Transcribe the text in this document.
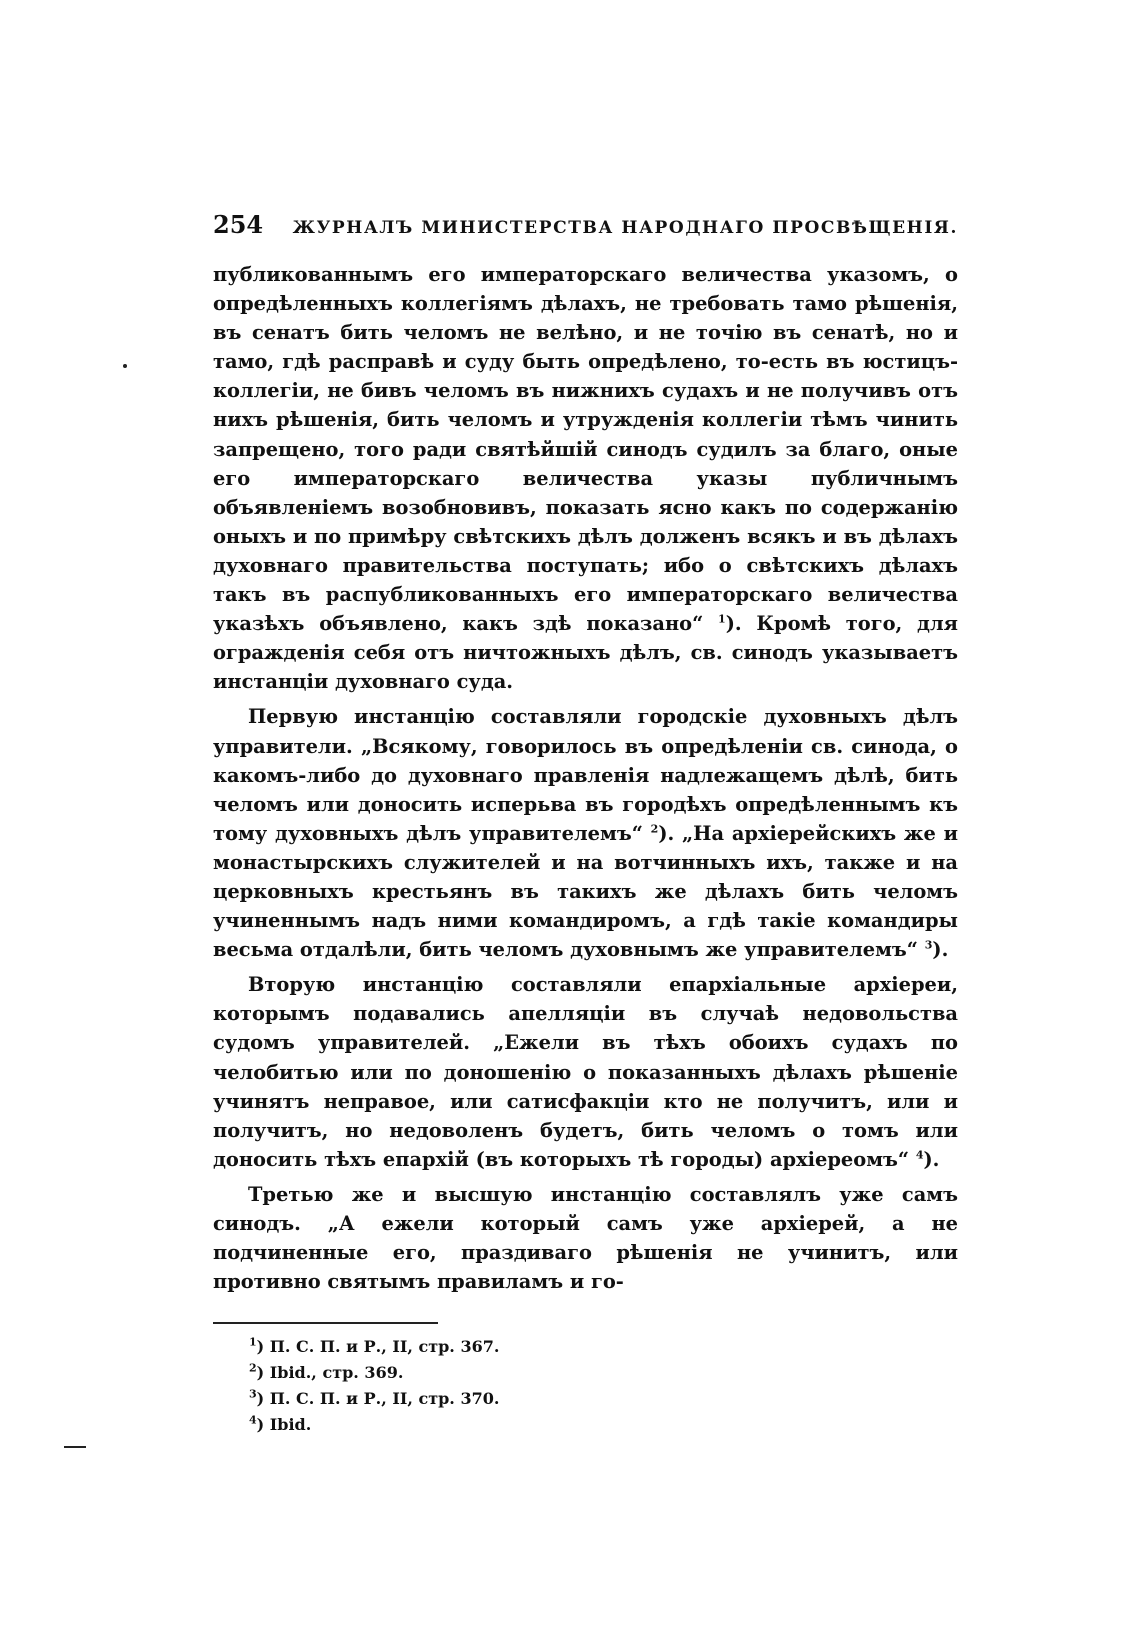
254	ЖУРНАЛЪ МИНИСТЕРСТВА НАРОДНАГО ПРОСВѢЩЕНІЯ.

публикованнымъ его императорскаго величества указомъ, о опредѣленныхъ коллегіямъ дѣлахъ, не требовать тамо рѣшенія, въ сенатъ бить челомъ не велѣно, и не точію въ сенатѣ, но и тамо, гдѣ расправѣ и суду быть опредѣлено, то-есть въ юстицъ-коллегіи, не бивъ челомъ въ нижнихъ судахъ и не получивъ отъ нихъ рѣшенія, бить челомъ и утружденія коллегіи тѣмъ чинить запрещено, того ради святѣйшій синодъ судилъ за благо, оные его императорскаго величества указы публичнымъ объявленіемъ возобновивъ, показать ясно какъ по содержанію оныхъ и по примѣру свѣтскихъ дѣлъ долженъ всякъ и въ дѣлахъ духовнаго правительства поступать; ибо о свѣтскихъ дѣлахъ такъ въ распубликованныхъ его императорскаго величества указѣхъ объявлено, какъ здѣ показано“ $^1$). Кромѣ того, для огражденія себя отъ ничтожныхъ дѣлъ, св. синодъ указываетъ инстанціи духовнаго суда.

Первую инстанцію составляли городскіе духовныхъ дѣлъ управители. „Всякому, говорилось въ опредѣленіи св. синода, о какомъ-либо до духовнаго правленія надлежащемъ дѣлѣ, бить челомъ или доносить исперьва въ городѣхъ опредѣленнымъ къ тому духовныхъ дѣлъ управителемъ“ $^2$). „На архіерейскихъ же и монастырскихъ служителей и на вотчинныхъ ихъ, также и на церковныхъ крестьянъ въ такихъ же дѣлахъ бить челомъ учиненнымъ надъ ними командиромъ, а гдѣ такіе командиры весьма отдалѣли, бить челомъ духовнымъ же управителемъ“ $^3$).

Вторую инстанцію составляли епархіальные архіереи, которымъ подавались апелляціи въ случаѣ недовольства судомъ управителей. „Ежели въ тѣхъ обоихъ судахъ по челобитью или по доношенію о показанныхъ дѣлахъ рѣшеніе учинятъ неправое, или сатисфакціи кто не получитъ, или и получитъ, но недоволенъ будетъ, бить челомъ о томъ или доносить тѣхъ епархій (въ которыхъ тѣ городы) архіереомъ“ $^4$).

Третью же и высшую инстанцію составлялъ уже самъ синодъ. „А ежели который самъ уже архіерей, а не подчиненные его, праздиваго рѣшенія не учинитъ, или противно святымъ правиламъ и го-

$^1$) П. С. П. и Р., II, стр. 367.
$^2$) Ibid., стр. 369.
$^3$) П. С. П. и Р., II, стр. 370.
$^4$) Ibid.
